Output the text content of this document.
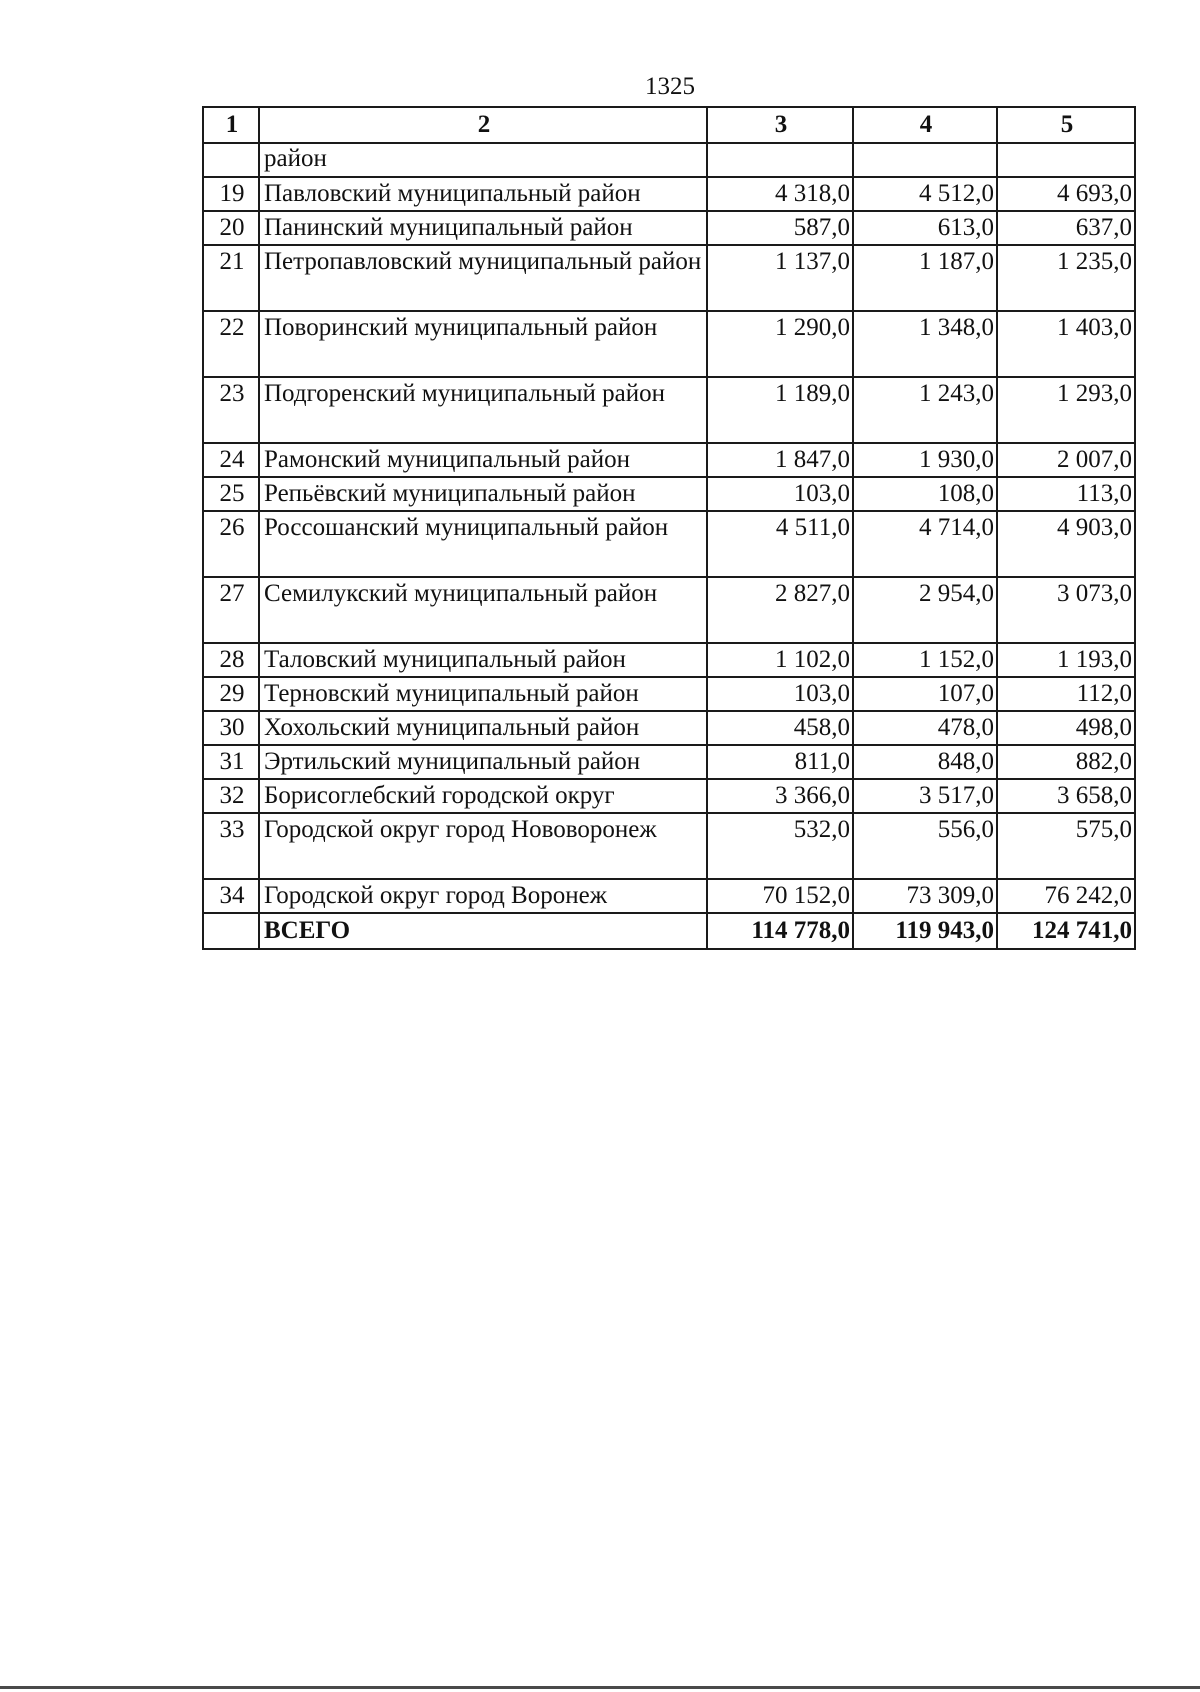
1325
1	2	3	4	5
	район			
19	Павловский муниципальный район	4 318,0	4 512,0	4 693,0
20	Панинский муниципальный район	587,0	613,0	637,0
21	Петропавловский муниципальный район	1 137,0	1 187,0	1 235,0
22	Поворинский муниципальный район	1 290,0	1 348,0	1 403,0
23	Подгоренский муниципальный район	1 189,0	1 243,0	1 293,0
24	Рамонский муниципальный район	1 847,0	1 930,0	2 007,0
25	Репьёвский муниципальный район	103,0	108,0	113,0
26	Россошанский муниципальный район	4 511,0	4 714,0	4 903,0
27	Семилукский муниципальный район	2 827,0	2 954,0	3 073,0
28	Таловский муниципальный район	1 102,0	1 152,0	1 193,0
29	Терновский муниципальный район	103,0	107,0	112,0
30	Хохольский муниципальный район	458,0	478,0	498,0
31	Эртильский муниципальный район	811,0	848,0	882,0
32	Борисоглебский городской округ	3 366,0	3 517,0	3 658,0
33	Городской округ город Нововоронеж	532,0	556,0	575,0
34	Городской округ город Воронеж	70 152,0	73 309,0	76 242,0
	ВСЕГО	114 778,0	119 943,0	124 741,0
